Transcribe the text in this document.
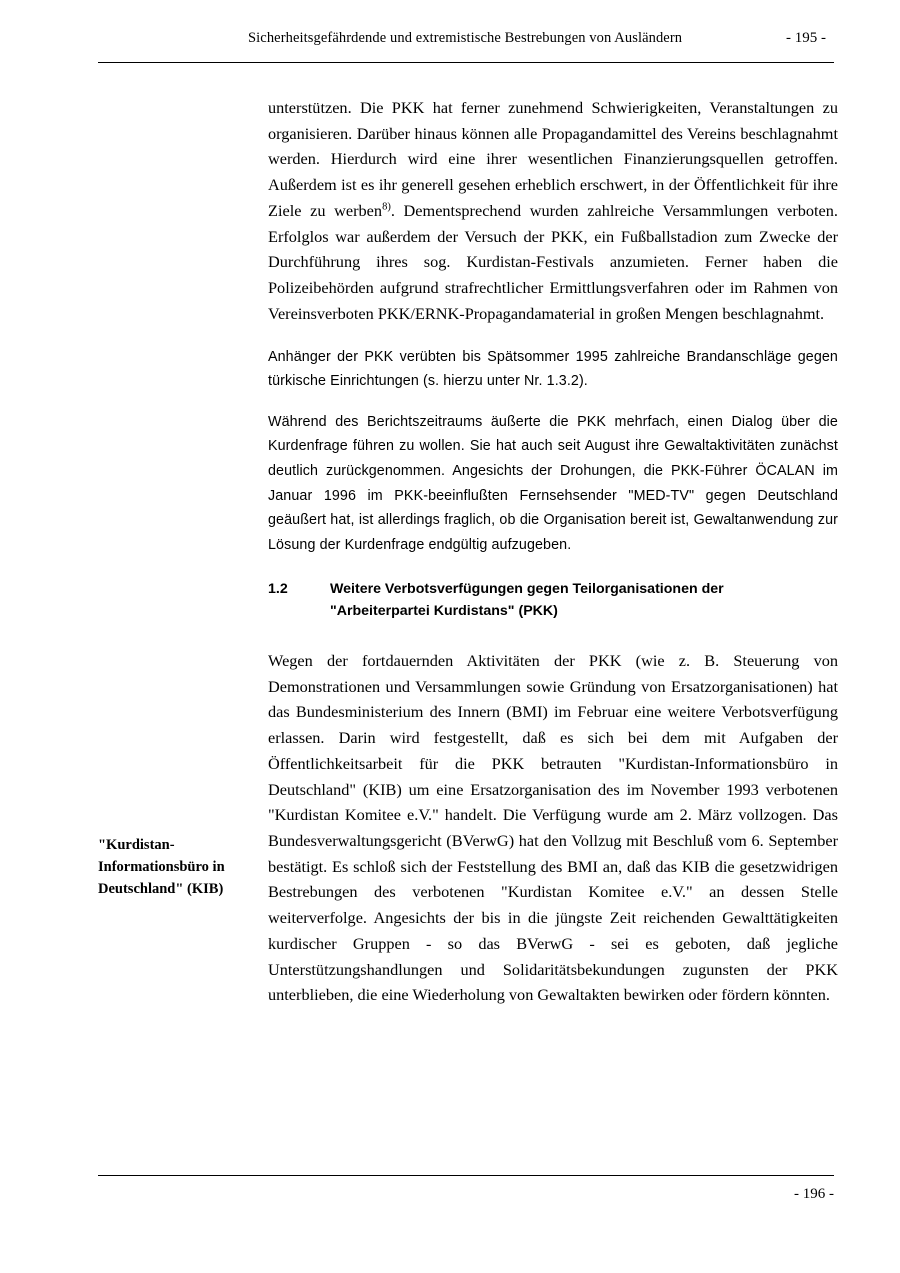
Sicherheitsgefährdende und extremistische Bestrebungen von Ausländern	- 195 -

unterstützen. Die PKK hat ferner zunehmend Schwierigkeiten, Veranstaltungen zu organisieren. Darüber hinaus können alle Propagandamittel des Vereins beschlagnahmt werden. Hierdurch wird eine ihrer wesentlichen Finanzierungsquellen getroffen. Außerdem ist es ihr generell gesehen erheblich erschwert, in der Öffentlichkeit für ihre Ziele zu werben$^{8)}$. Dementsprechend wurden zahlreiche Versammlungen verboten. Erfolglos war außerdem der Versuch der PKK, ein Fußballstadion zum Zwecke der Durchführung ihres sog. Kurdistan-Festivals anzumieten. Ferner haben die Polizeibehörden aufgrund strafrechtlicher Ermittlungsverfahren oder im Rahmen von Vereinsverboten PKK/ERNK-Propagandamaterial in großen Mengen beschlagnahmt.

Anhänger der PKK verübten bis Spätsommer 1995 zahlreiche Brandanschläge gegen türkische Einrichtungen (s. hierzu unter Nr. 1.3.2).

Während des Berichtszeitraums äußerte die PKK mehrfach, einen Dialog über die Kurdenfrage führen zu wollen. Sie hat auch seit August ihre Gewaltaktivitäten zunächst deutlich zurückgenommen. Angesichts der Drohungen, die PKK-Führer ÖCALAN im Januar 1996 im PKK-beeinflußten Fernsehsender "MED-TV" gegen Deutschland geäußert hat, ist allerdings fraglich, ob die Organisation bereit ist, Gewaltanwendung zur Lösung der Kurdenfrage endgültig aufzugeben.

1.2	Weitere Verbotsverfügungen gegen Teilorganisationen der
"Arbeiterpartei Kurdistans" (PKK)

Wegen der fortdauernden Aktivitäten der PKK (wie z. B. Steuerung von Demonstrationen und Versammlungen sowie Gründung von Ersatzorganisationen) hat das Bundesministerium des Innern (BMI) im Februar eine weitere Verbotsverfügung erlassen. Darin wird festgestellt, daß es sich bei dem mit Aufgaben der Öffentlichkeitsarbeit für die PKK betrauten "Kurdistan-Informationsbüro in Deutschland" (KIB) um eine Ersatzorganisation des im November 1993 verbotenen "Kurdistan Komitee e.V." handelt. Die Verfügung wurde am 2. März vollzogen. Das Bundesverwaltungsgericht (BVerwG) hat den Vollzug mit Beschluß vom 6. September bestätigt. Es schloß sich der Feststellung des BMI an, daß das KIB die gesetzwidrigen Bestrebungen des verbotenen "Kurdistan Komitee e.V." an dessen Stelle weiterverfolge. Angesichts der bis in die jüngste Zeit reichenden Gewalttätigkeiten kurdischer Gruppen - so das BVerwG - sei es geboten, daß jegliche Unterstützungshandlungen und Solidaritätsbekundungen zugunsten der PKK unterblieben, die eine Wiederholung von Gewaltakten bewirken oder fördern könnten.

"Kurdistan-Informationsbüro in Deutschland" (KIB)
- 196 -
